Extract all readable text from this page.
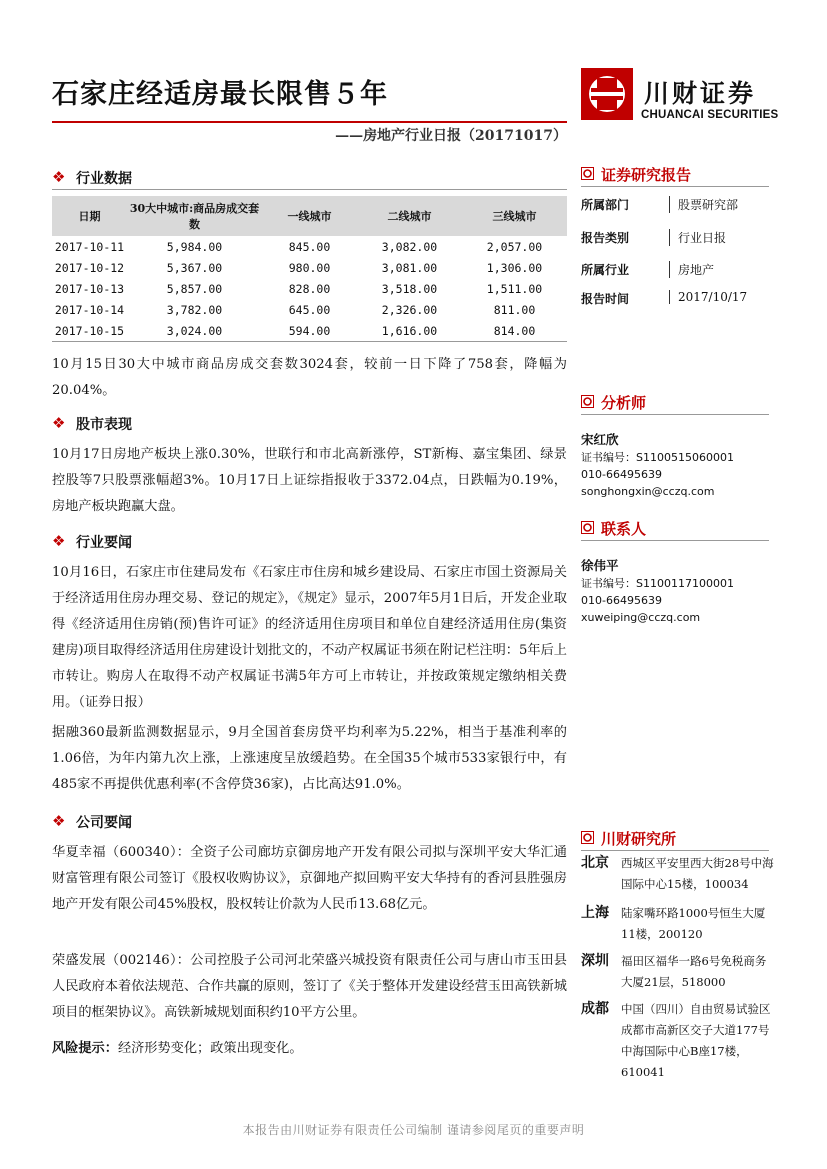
石家庄经适房最长限售５年
——房地产行业日报（20171017）
川财证券
CHUANCAI SECURITIES
❖ 行业数据
日期	30大中城市:商品房成交套数	一线城市	二线城市	三线城市
2017-10-11	5,984.00	845.00	3,082.00	2,057.00
2017-10-12	5,367.00	980.00	3,081.00	1,306.00
2017-10-13	5,857.00	828.00	3,518.00	1,511.00
2017-10-14	3,782.00	645.00	2,326.00	811.00
2017-10-15	3,024.00	594.00	1,616.00	814.00
10月15日30大中城市商品房成交套数3024套，较前一日下降了758套，降幅为20.04%。
❖ 股市表现
10月17日房地产板块上涨0.30%，世联行和市北高新涨停，ST新梅、嘉宝集团、绿景控股等7只股票涨幅超3%。10月17日上证综指报收于3372.04点，日跌幅为0.19%，房地产板块跑赢大盘。
❖ 行业要闻
10月16日，石家庄市住建局发布《石家庄市住房和城乡建设局、石家庄市国土资源局关于经济适用住房办理交易、登记的规定》，《规定》显示，2007年5月1日后，开发企业取得《经济适用住房销(预)售许可证》的经济适用住房项目和单位自建经济适用住房(集资建房)项目取得经济适用住房建设计划批文的，不动产权属证书须在附记栏注明：5年后上市转让。购房人在取得不动产权属证书满5年方可上市转让，并按政策规定缴纳相关费用。（证券日报）
据融360最新监测数据显示，9月全国首套房贷平均利率为5.22%，相当于基准利率的1.06倍，为年内第九次上涨，上涨速度呈放缓趋势。在全国35个城市533家银行中，有485家不再提供优惠利率(不含停贷36家)，占比高达91.0%。
❖ 公司要闻
华夏幸福（600340）：全资子公司廊坊京御房地产开发有限公司拟与深圳平安大华汇通财富管理有限公司签订《股权收购协议》，京御地产拟回购平安大华持有的香河县胜强房地产开发有限公司45%股权，股权转让价款为人民币13.68亿元。
荣盛发展（002146）：公司控股子公司河北荣盛兴城投资有限责任公司与唐山市玉田县人民政府本着依法规范、合作共赢的原则，签订了《关于整体开发建设经营玉田高铁新城项目的框架协议》。高铁新城规划面积约10平方公里。
风险提示：经济形势变化；政策出现变化。
证券研究报告
所属部门	股票研究部
报告类别	行业日报
所属行业	房地产
报告时间	2017/10/17
分析师
宋红欣
证书编号：S1100515060001
010-66495639
songhongxin@cczq.com
联系人
徐伟平
证书编号：S1100117100001
010-66495639
xuweiping@cczq.com
川财研究所
北京 西城区平安里西大街28号中海国际中心15楼，100034
上海 陆家嘴环路1000号恒生大厦11楼，200120
深圳 福田区福华一路6号免税商务大厦21层，518000
成都 中国（四川）自由贸易试验区成都市高新区交子大道177号中海国际中心B座17楼，610041
本报告由川财证券有限责任公司编制 谨请参阅尾页的重要声明
